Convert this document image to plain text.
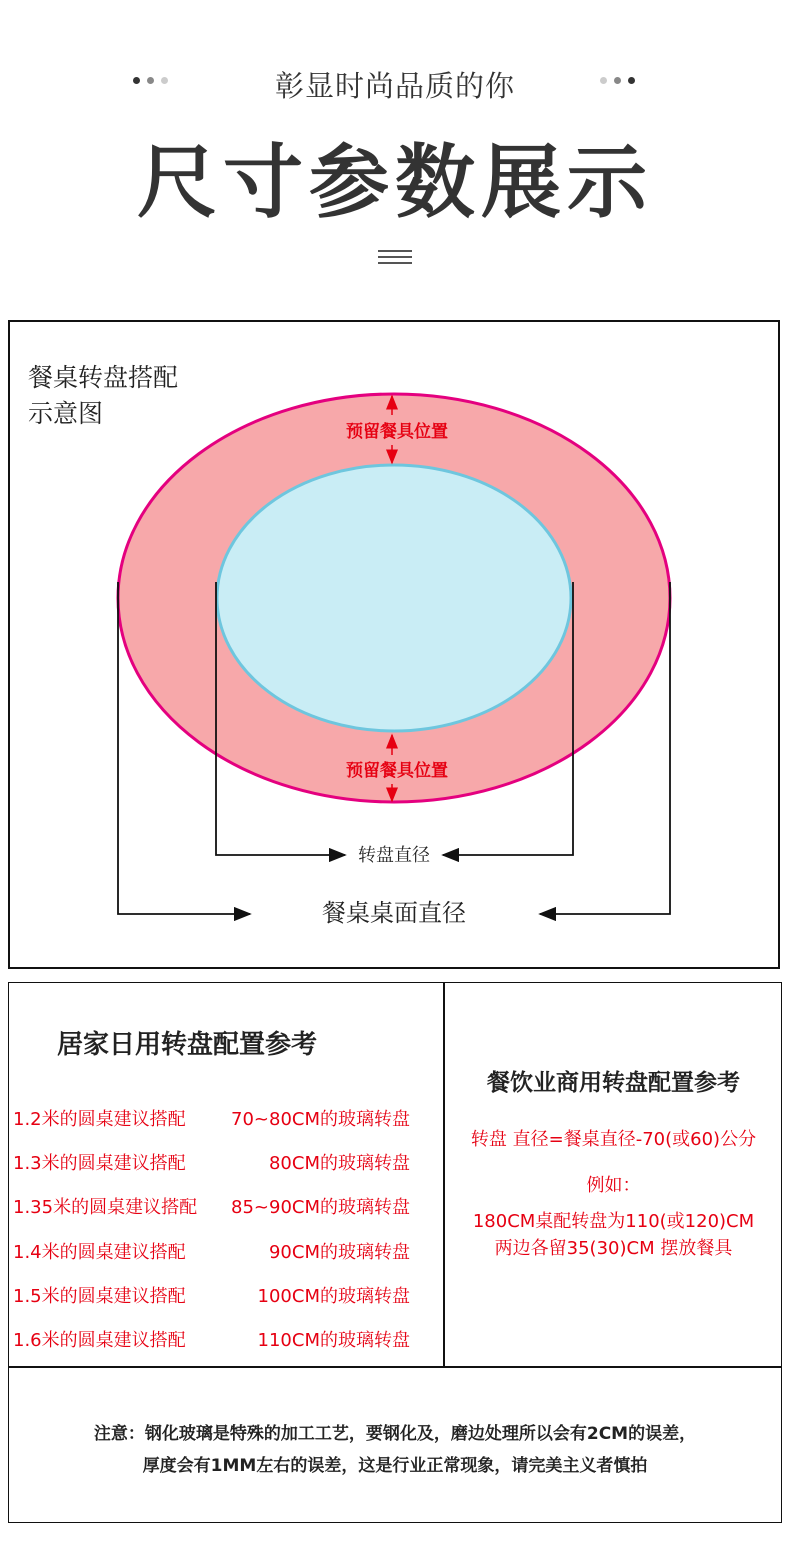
彰显时尚品质的你
尺寸参数展示
餐桌转盘搭配
示意图
预留餐具位置
预留餐具位置
转盘直径
餐桌桌面直径
居家日用转盘配置参考
1.2米的圆桌建议搭配	70~80CM的玻璃转盘
1.3米的圆桌建议搭配	80CM的玻璃转盘
1.35米的圆桌建议搭配 85~90CM的玻璃转盘
1.4米的圆桌建议搭配	90CM的玻璃转盘
1.5米的圆桌建议搭配	100CM的玻璃转盘
1.6米的圆桌建议搭配	110CM的玻璃转盘
餐饮业商用转盘配置参考
转盘 直径=餐桌直径-70(或60)公分
例如：
180CM桌配转盘为110(或120)CM
两边各留35(30)CM 摆放餐具
注意：钢化玻璃是特殊的加工工艺，要钢化及，磨边处理所以会有2CM的误差，
厚度会有1MM左右的误差，这是行业正常现象，请完美主义者慎拍
